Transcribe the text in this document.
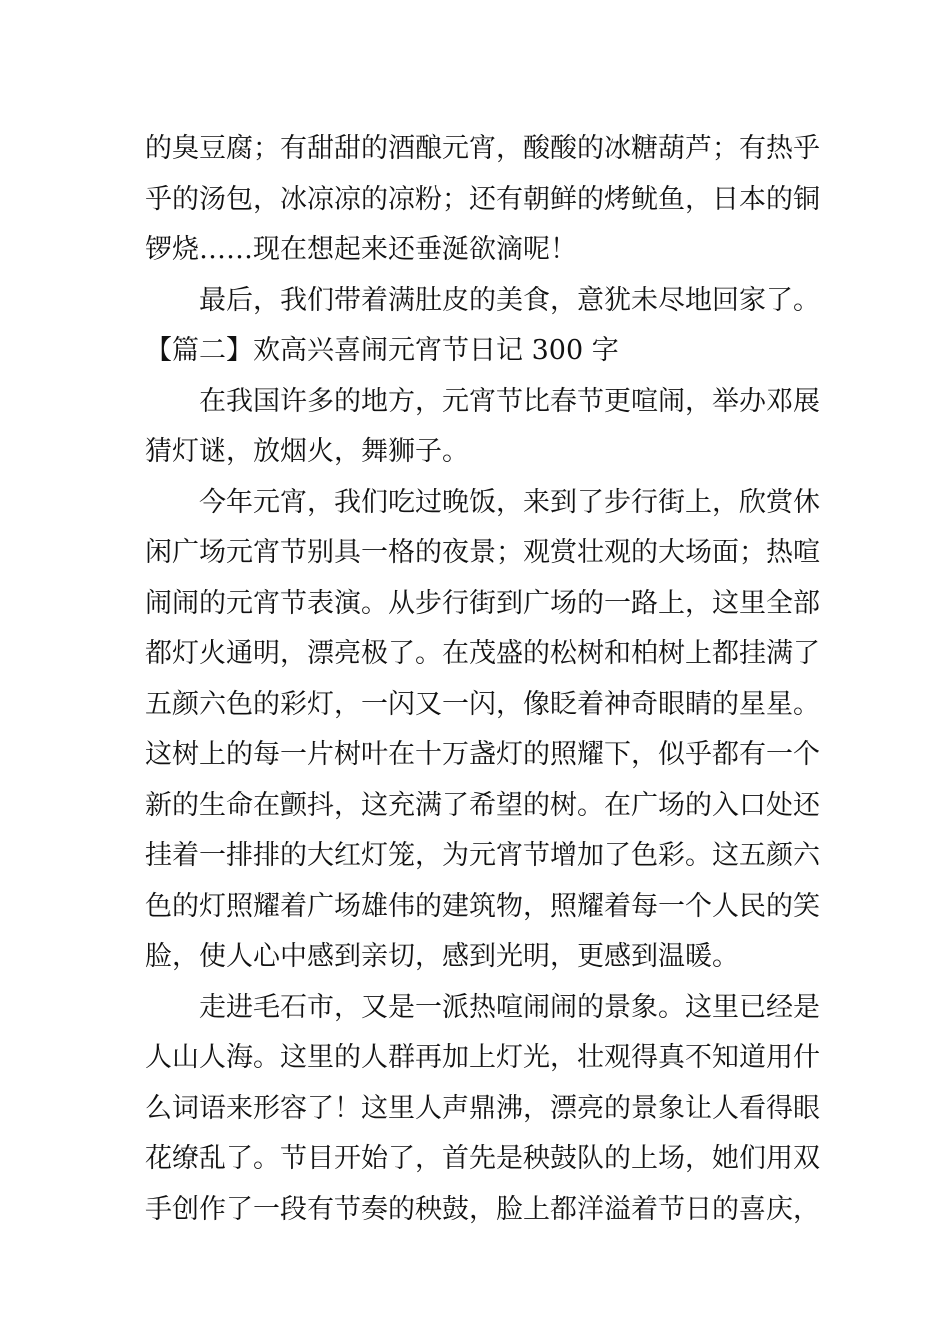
的臭豆腐；有甜甜的酒酿元宵，酸酸的冰糖葫芦；有热乎
乎的汤包，冰凉凉的凉粉；还有朝鲜的烤鱿鱼，日本的铜
锣烧……现在想起来还垂涎欲滴呢！
最后，我们带着满肚皮的美食，意犹未尽地回家了。
【篇二】欢高兴喜闹元宵节日记 300 字
在我国许多的地方，元宵节比春节更喧闹，举办邓展
猜灯谜，放烟火，舞狮子。
今年元宵，我们吃过晚饭，来到了步行街上，欣赏休
闲广场元宵节别具一格的夜景；观赏壮观的大场面；热喧
闹闹的元宵节表演。从步行街到广场的一路上，这里全部
都灯火通明，漂亮极了。在茂盛的松树和柏树上都挂满了
五颜六色的彩灯，一闪又一闪，像眨着神奇眼睛的星星。
这树上的每一片树叶在十万盏灯的照耀下，似乎都有一个
新的生命在颤抖，这充满了希望的树。在广场的入口处还
挂着一排排的大红灯笼，为元宵节增加了色彩。这五颜六
色的灯照耀着广场雄伟的建筑物，照耀着每一个人民的笑
脸，使人心中感到亲切，感到光明，更感到温暖。
走进毛石市，又是一派热喧闹闹的景象。这里已经是
人山人海。这里的人群再加上灯光，壮观得真不知道用什
么词语来形容了！这里人声鼎沸，漂亮的景象让人看得眼
花缭乱了。节目开始了，首先是秧鼓队的上场，她们用双
手创作了一段有节奏的秧鼓，脸上都洋溢着节日的喜庆，
